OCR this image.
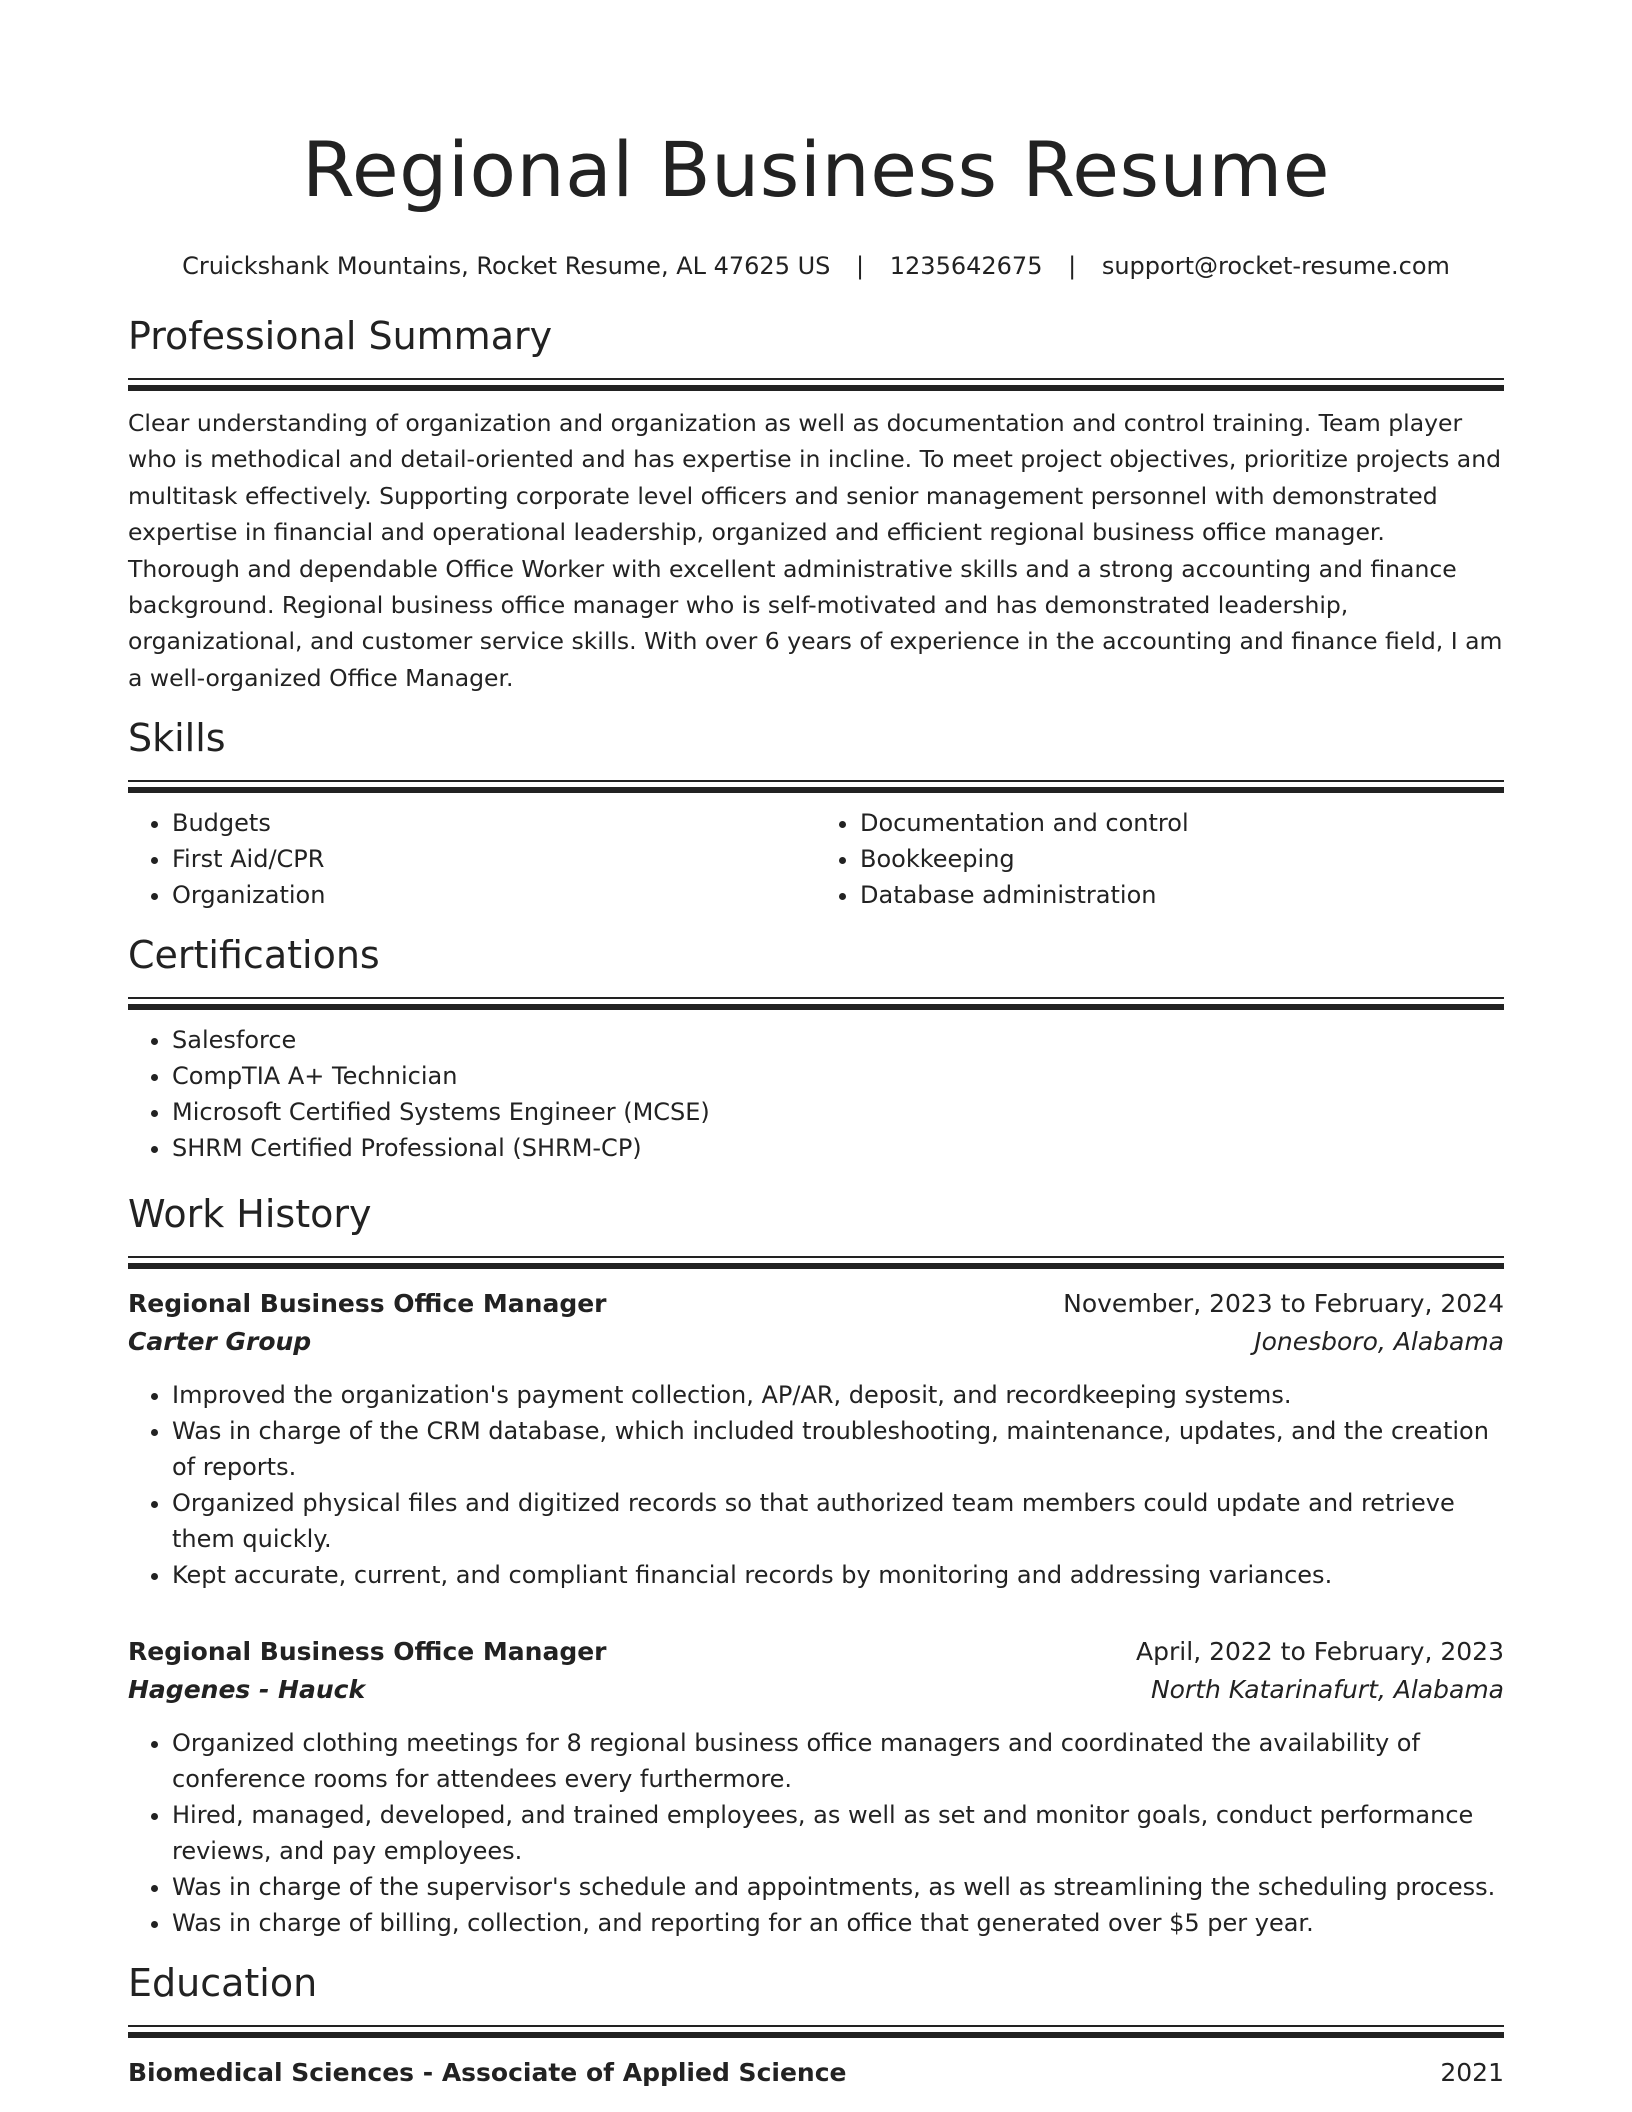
Regional Business Resume
Cruickshank Mountains, Rocket Resume, AL 47625 US | 1235642675 | support@rocket-resume.com
Professional Summary

Clear understanding of organization and organization as well as documentation and control training. Team player who is methodical and detail-oriented and has expertise in incline. To meet project objectives, prioritize projects and multitask effectively. Supporting corporate level officers and senior management personnel with demonstrated expertise in financial and operational leadership, organized and efficient regional business office manager. Thorough and dependable Office Worker with excellent administrative skills and a strong accounting and finance background. Regional business office manager who is self-motivated and has demonstrated leadership, organizational, and customer service skills. With over 6 years of experience in the accounting and finance field, I am a well-organized Office Manager.

Skills
• Budgets
• First Aid/CPR
• Organization
• Documentation and control
• Bookkeeping
• Database administration
Certifications
• Salesforce
• CompTIA A+ Technician
• Microsoft Certified Systems Engineer (MCSE)
• SHRM Certified Professional (SHRM-CP)
Work History
Regional Business Office Manager	November, 2023 to February, 2024
Carter Group	Jonesboro, Alabama
• Improved the organization's payment collection, AP/AR, deposit, and recordkeeping systems.
• Was in charge of the CRM database, which included troubleshooting, maintenance, updates, and the creation of reports.
• Organized physical files and digitized records so that authorized team members could update and retrieve them quickly.
• Kept accurate, current, and compliant financial records by monitoring and addressing variances.
Regional Business Office Manager	April, 2022 to February, 2023
Hagenes - Hauck	North Katarinafurt, Alabama
• Organized clothing meetings for 8 regional business office managers and coordinated the availability of conference rooms for attendees every furthermore.
• Hired, managed, developed, and trained employees, as well as set and monitor goals, conduct performance reviews, and pay employees.
• Was in charge of the supervisor's schedule and appointments, as well as streamlining the scheduling process.
• Was in charge of billing, collection, and reporting for an office that generated over $5 per year.
Education
Biomedical Sciences - Associate of Applied Science	2021
